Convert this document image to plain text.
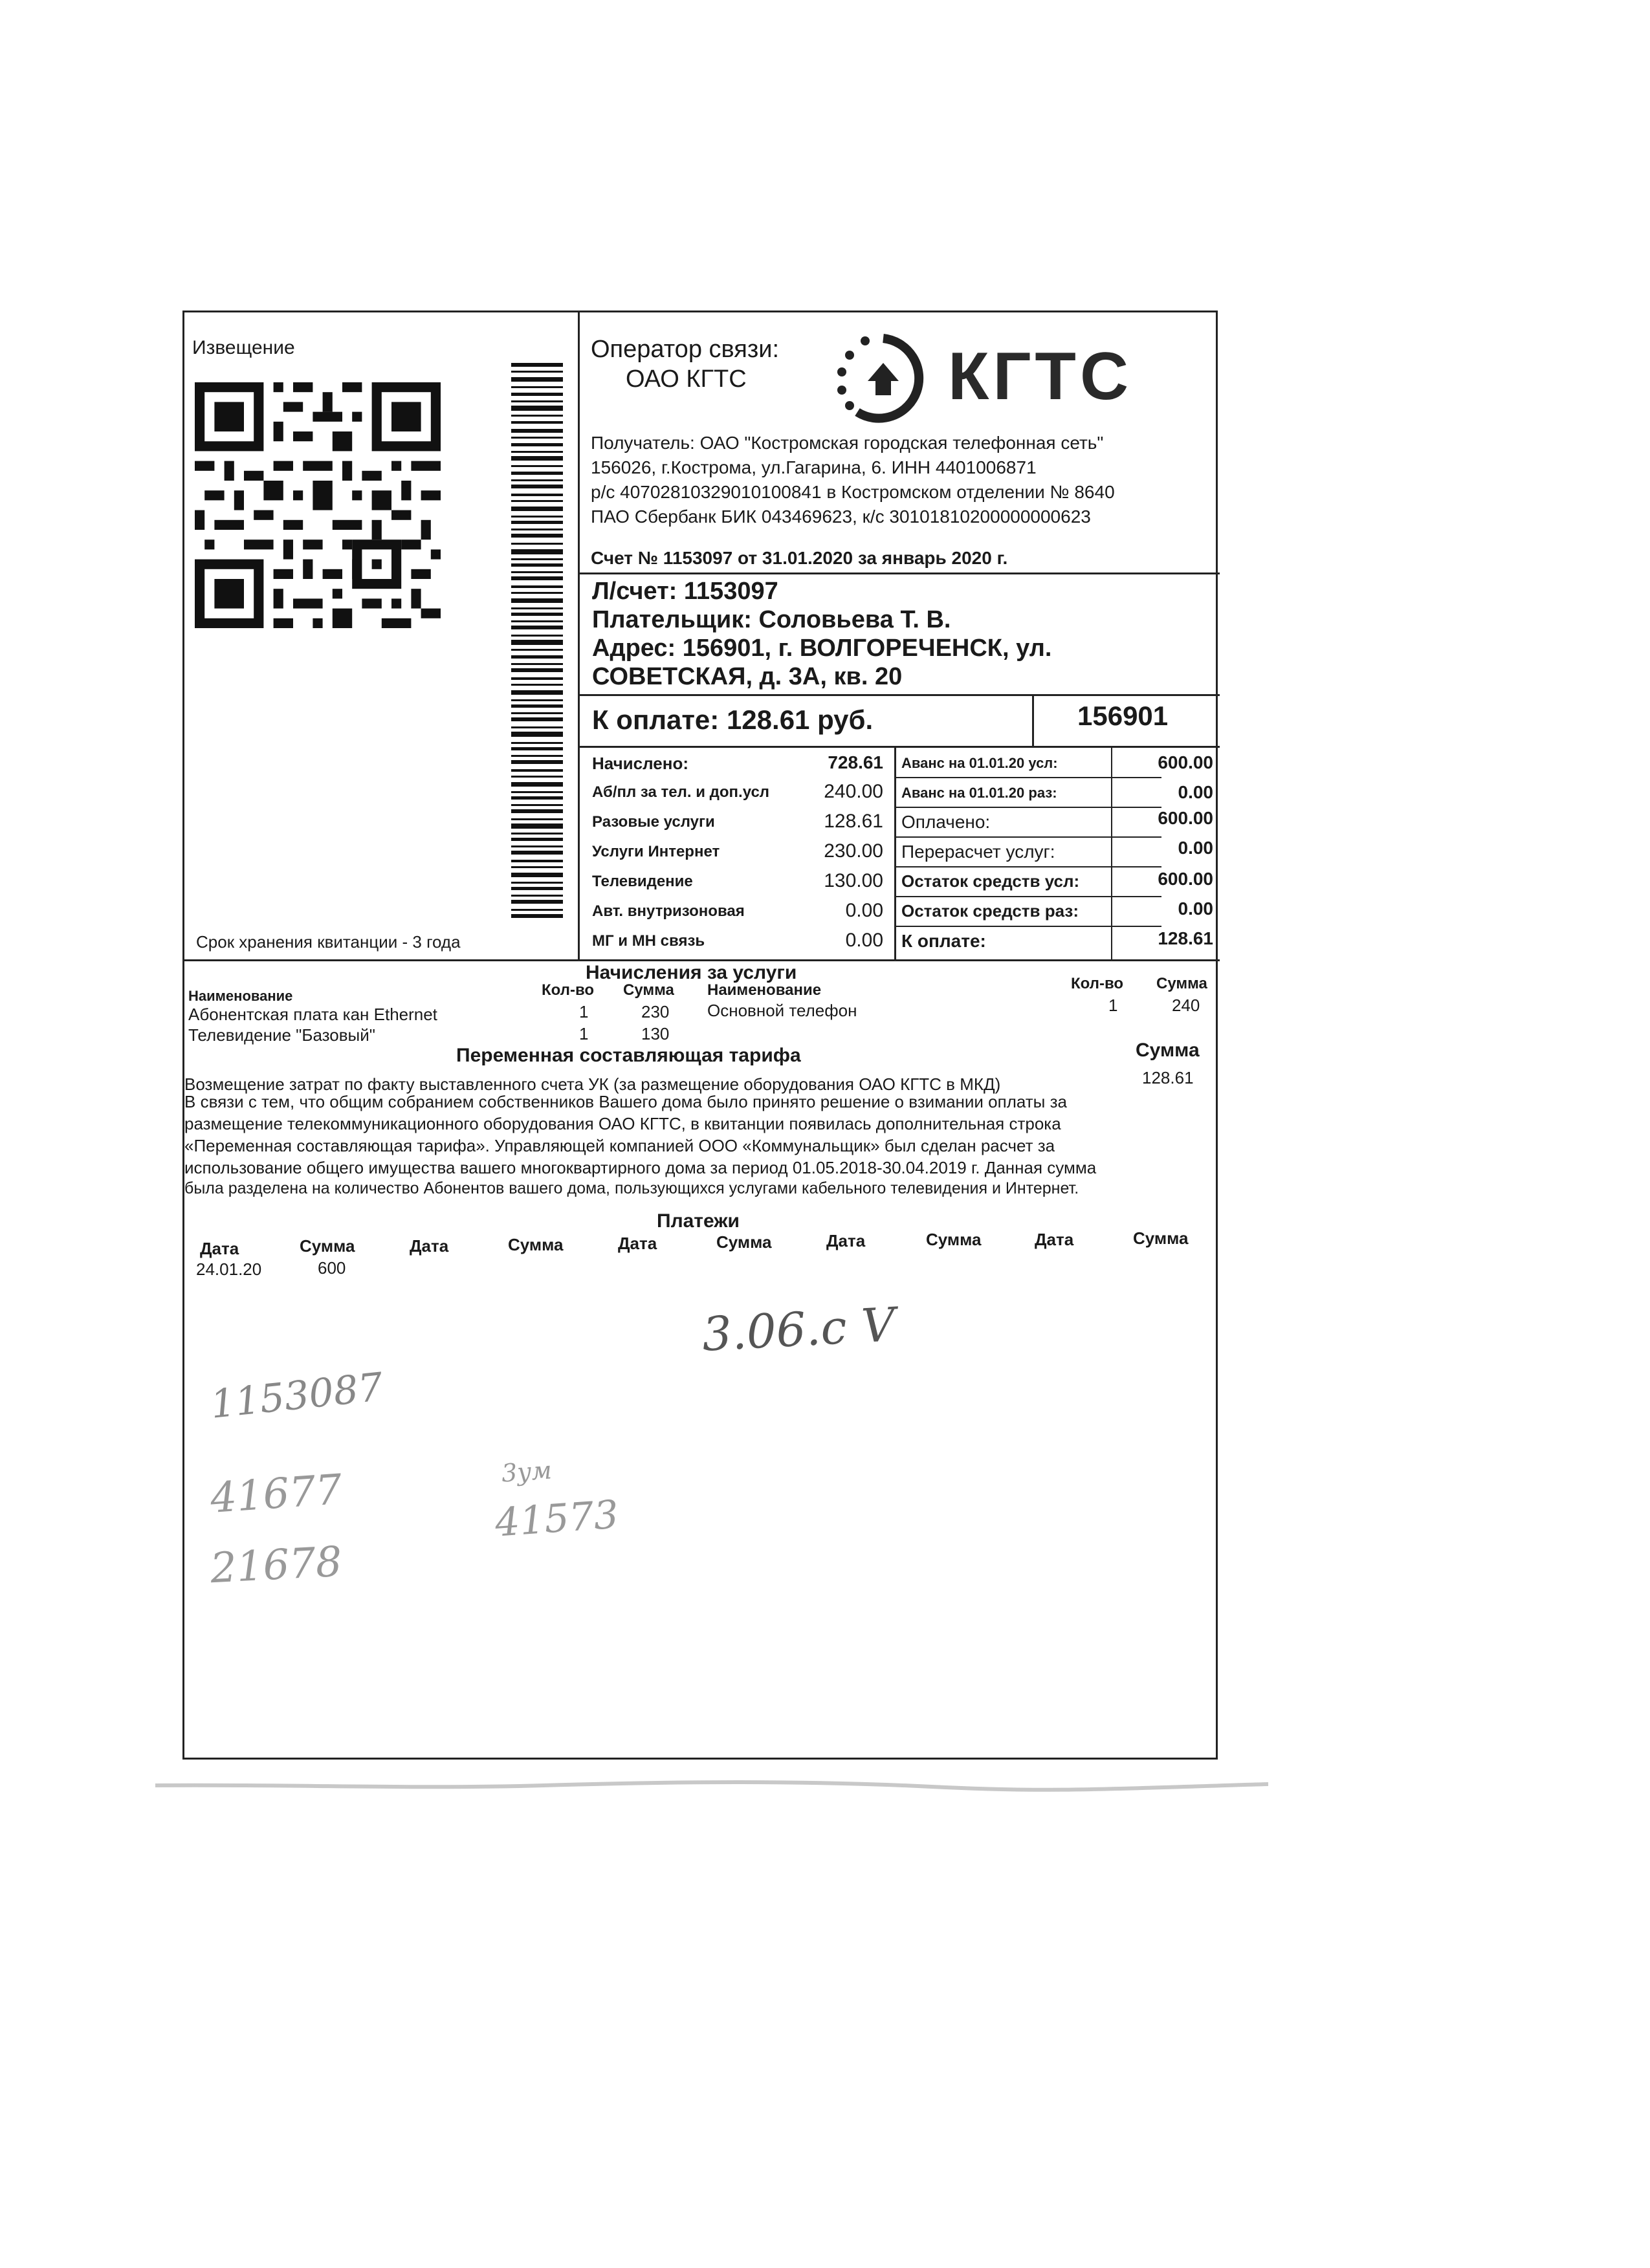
Извещение
Срок хранения квитанции - 3 года
Оператор связи:
ОАО КГТС	КГТС
Получатель: ОАО "Костромская городская телефонная сеть"
156026, г.Кострома, ул.Гагарина, 6. ИНН 4401006871
р/с 40702810329010100841 в Костромском отделении № 8640
ПАО Сбербанк БИК 043469623, к/с 30101810200000000623
Счет № 1153097 от 31.01.2020 за январь 2020 г.
Л/счет: 1153097
Плательщик: Соловьева Т. В.
Адрес: 156901, г. ВОЛГОРЕЧЕНСК, ул.
СОВЕТСКАЯ, д. 3А, кв. 20
К оплате: 128.61 руб.	156901
Начислено:	728.61
Аб/пл за тел. и доп.усл	240.00
Разовые услуги	128.61
Услуги Интернет	230.00
Телевидение	130.00
Авт. внутризоновая	0.00
МГ и МН связь	0.00
Аванс на 01.01.20 усл:	600.00
Аванс на 01.01.20 раз:	0.00
Оплачено:	600.00
Перерасчет услуг:	0.00
Остаток средств усл:	600.00
Остаток средств раз:	0.00
К оплате:	128.61
Начисления за услуги
Наименование	Кол-во Сумма Наименование	Кол-во Сумма
Абонентская плата кан Ethernet	1	230
Телевидение "Базовый"	1	130
Основной телефон	1	240
Переменная составляющая тарифа	Сумма
Возмещение затрат по факту выставленного счета УК (за размещение оборудования ОАО КГТС в МКД)	128.61
В связи с тем, что общим собранием собственников Вашего дома было принято решение о взимании оплаты за
размещение телекоммуникационного оборудования ОАО КГТС, в квитанции появилась дополнительная строка
«Переменная составляющая тарифа». Управляющей компанией ООО «Коммунальщик» был сделан расчет за
использование общего имущества вашего многоквартирного дома за период 01.05.2018-30.04.2019 г. Данная сумма
была разделена на количество Абонентов вашего дома, пользующихся услугами кабельного телевидения и Интернет.
Платежи
Дата	Сумма	Дата	Сумма	Дата	Сумма	Дата	Сумма	Дата	Сумма
24.01.20	600
3.06.с V
1153087
41677	3ум
41573
21678
